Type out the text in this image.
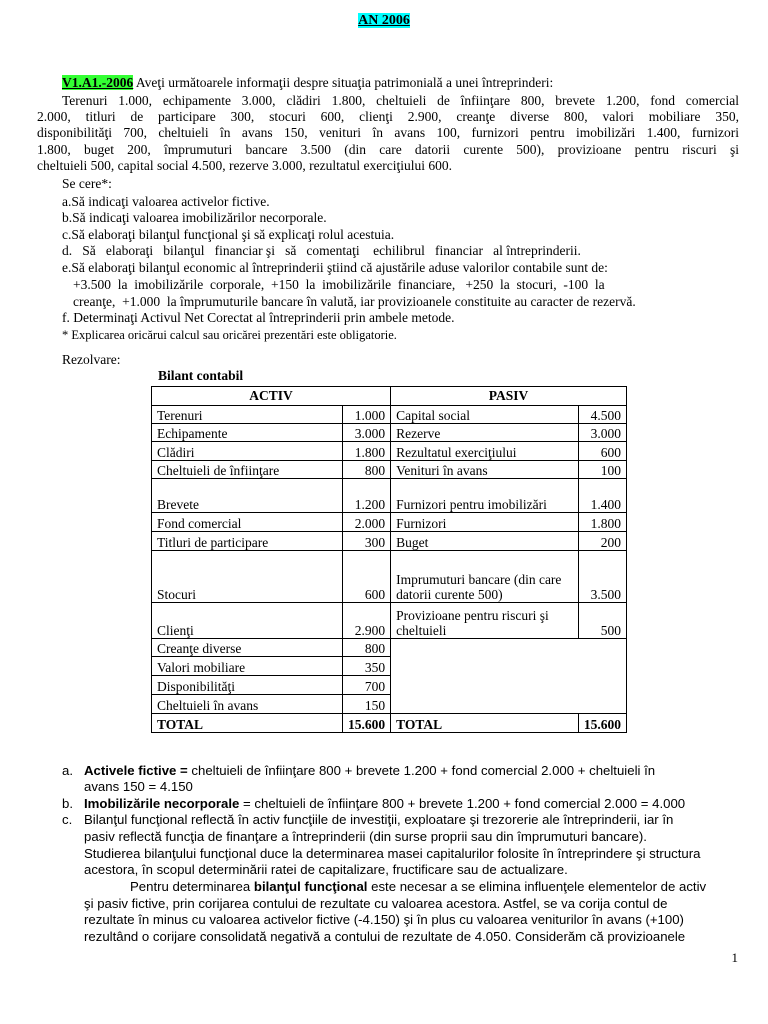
AN 2006
V1.A1.-2006 Aveţi următoarele informaţii despre situaţia patrimonială a unei întreprinderi:
Terenuri 1.000, echipamente 3.000, clădiri 1.800, cheltuieli de înfiinţare 800, brevete 1.200, fond comercial
2.000, titluri de participare 300, stocuri 600, clienţi 2.900, creanţe diverse 800, valori mobiliare 350,
disponibilităţi 700, cheltuieli în avans 150, venituri în avans 100, furnizori pentru imobilizări 1.400, furnizori
1.800, buget 200, împrumuturi bancare 3.500 (din care datorii curente 500), provizioane pentru riscuri şi
cheltuieli 500, capital social 4.500, rezerve 3.000, rezultatul exerciţiului 600.
Se cere*:
a.Să indicaţi valoarea activelor fictive.
b.Să indicaţi valoarea imobilizărilor necorporale.
c.Să elaboraţi bilanţul funcţional şi să explicaţi rolul acestuia.
d.   Să   elaboraţi   bilanţul   financiar şi   să   comentaţi    echilibrul   financiar   al întreprinderii.
e.Să elaboraţi bilanţul economic al întreprinderii ştiind că ajustările aduse valorilor contabile sunt de:
+3.500  la  imobilizările  corporale,  +150  la  imobilizările  financiare,   +250  la  stocuri,  -100  la
creanţe,  +1.000  la împrumuturile bancare în valută, iar provizioanele constituite au caracter de rezervă.
f. Determinaţi Activul Net Corectat al întreprinderii prin ambele metode.
* Explicarea oricărui calcul sau oricărei prezentări este obligatorie.
Rezolvare:
Bilant contabil
ACTIV		PASIV	
Terenuri	1.000	Capital social	4.500
Echipamente	3.000	Rezerve	3.000
Clădiri	1.800	Rezultatul exerciţiului	600
Cheltuieli de înfiinţare	800	Venituri în avans	100
Brevete	1.200	Furnizori pentru imobilizări	1.400
Fond comercial	2.000	Furnizori	1.800
Titluri de participare	300	Buget	200
Stocuri	600	Imprumuturi bancare (din care datorii curente 500)	3.500
Clienţi	2.900	Provizioane pentru riscuri şi cheltuieli	500
Creanţe diverse	800		
Valori mobiliare	350		
Disponibilităţi	700		
Cheltuieli în avans	150		
TOTAL	15.600	TOTAL	15.600
a. Activele fictive = cheltuieli de înfiinţare 800 + brevete 1.200 + fond comercial 2.000 + cheltuieli în
avans 150 = 4.150
b. Imobilizările necorporale = cheltuieli de înfiinţare 800 + brevete 1.200 + fond comercial 2.000 = 4.000
c. Bilanţul funcţional reflectă în activ funcţiile de investiţii, exploatare şi trezorerie ale întreprinderii, iar în
pasiv reflectă funcţia de finanţare a întreprinderii (din surse proprii sau din împrumuturi bancare).
Studierea bilanţului funcţional duce la determinarea masei capitalurilor folosite în întreprindere şi structura
acestora, în scopul determinării ratei de capitalizare, fructificare sau de actualizare.
Pentru determinarea bilanţul funcţional este necesar a se elimina influenţele elementelor de activ
şi pasiv fictive, prin corijarea contului de rezultate cu valoarea acestora. Astfel, se va corija contul de
rezultate în minus cu valoarea activelor fictive (-4.150) şi în plus cu valoarea veniturilor în avans (+100)
rezultând o corijare consolidată negativă a contului de rezultate de 4.050. Considerăm că provizioanele
1
